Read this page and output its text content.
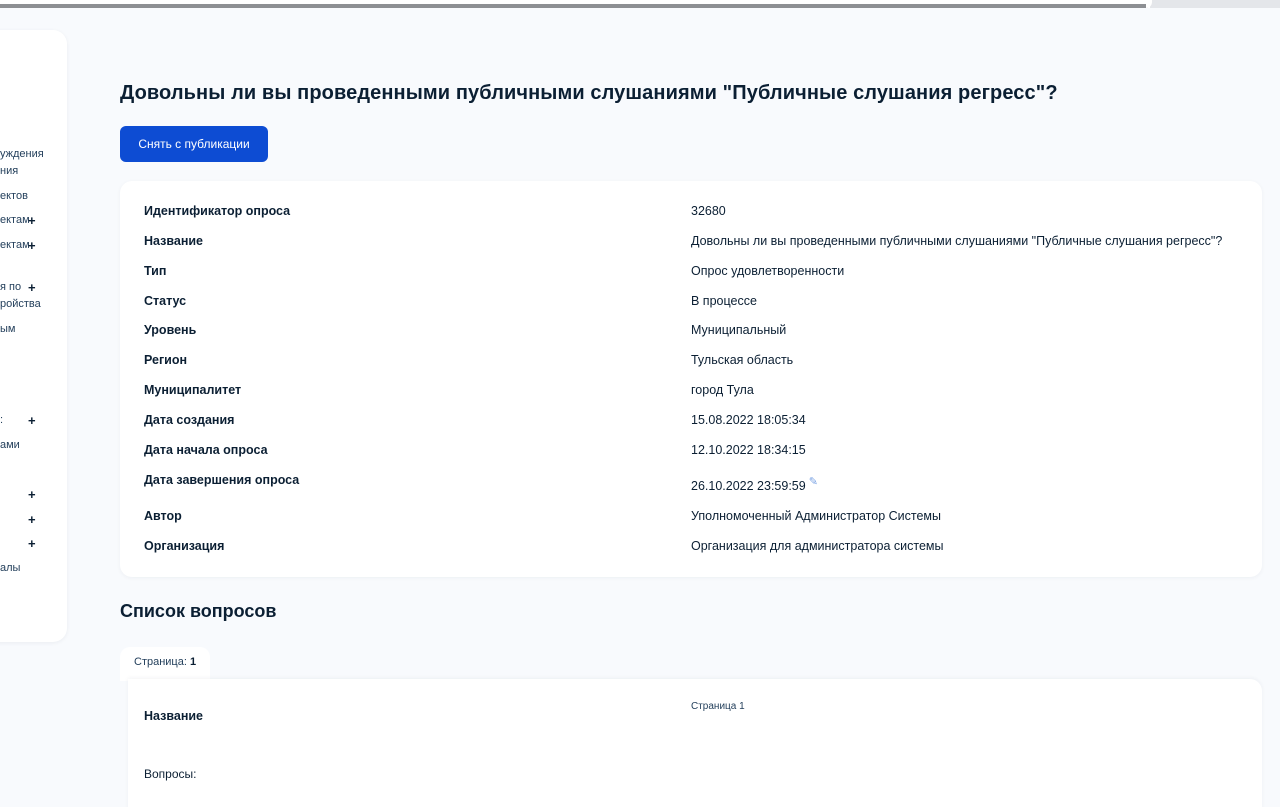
уждения
ния
ектов
ектам
+
ектам
+
я по
ройства
+
ым
:	+
ами
+
+
+
алы
Довольны ли вы проведенными публичными слушаниями "Публичные слушания регресс"?
Снять с публикации
Идентификатор опроса	32680
Название	Довольны ли вы проведенными публичными слушаниями "Публичные слушания регресс"?
Тип	Опрос удовлетворенности
Статус	В процессе
Уровень	Муниципальный
Регион	Тульская область
Муниципалитет	город Тула
Дата создания	15.08.2022 18:05:34
Дата начала опроса	12.10.2022 18:34:15
Дата завершения опроса	26.10.2022 23:59:59 ✎
Автор	Уполномоченный Администратор Системы
Организация	Организация для администратора системы
Список вопросов
Страница: 1
Название
Страница 1
Вопросы:
